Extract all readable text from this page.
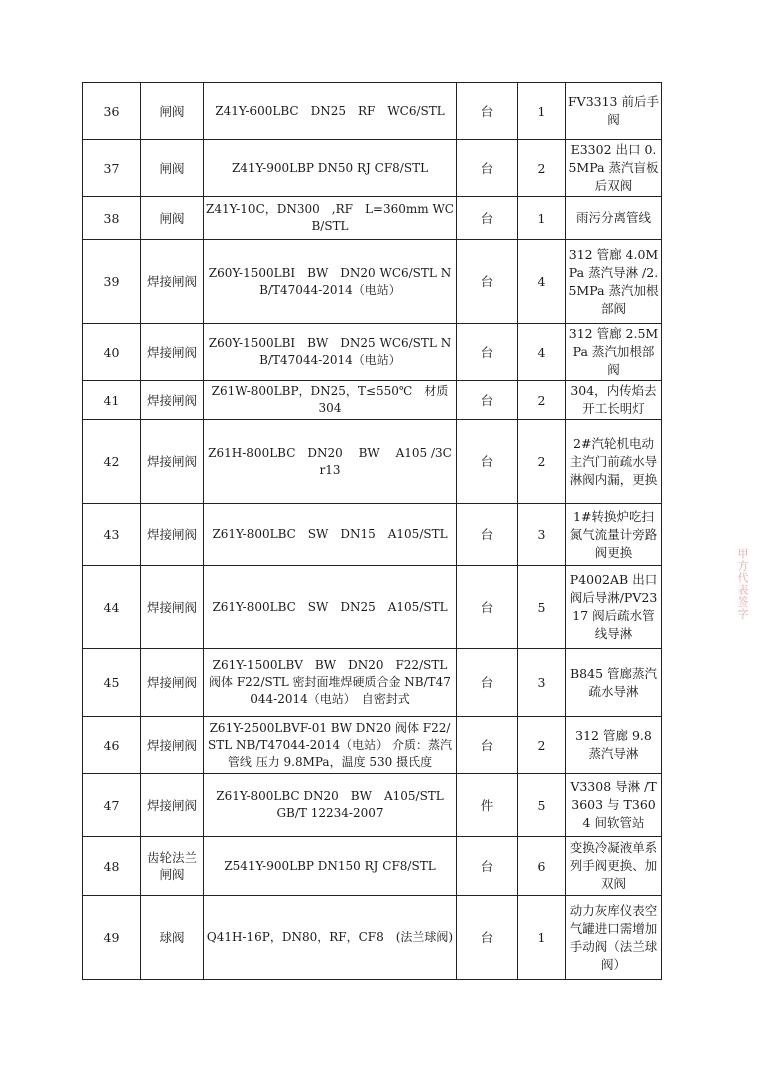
36	闸阀	Z41Y-600LBC　DN25　RF　WC6/STL	台	1	FV3313 前后手阀
37	闸阀	Z41Y-900LBP DN50 RJ CF8/STL	台	2	E3302 出口 0.5MPa 蒸汽盲板后双阀
38	闸阀	Z41Y-10C，DN300　,RF　L=360mm WCB/STL	台	1	雨污分离管线
39	焊接闸阀	Z60Y-1500LBI　BW　DN20 WC6/STL NB/T47044-2014（电站）	台	4	312 管廊 4.0MPa 蒸汽导淋 /2.5MPa 蒸汽加根部阀
40	焊接闸阀	Z60Y-1500LBI　BW　DN25 WC6/STL NB/T47044-2014（电站）	台	4	312 管廊 2.5MPa 蒸汽加根部阀
41	焊接闸阀	Z61W-800LBP，DN25，T≤550℃　材质 304	台	2	304，内传焰去开工长明灯
42	焊接闸阀	Z61H-800LBC　DN20　 BW　 A105 /3Cr13	台	2	2#汽轮机电动主汽门前疏水导淋阀内漏，更换
43	焊接闸阀	Z61Y-800LBC　SW　DN15　A105/STL	台	3	1#转换炉吃扫氮气流量计旁路阀更换
44	焊接闸阀	Z61Y-800LBC　SW　DN25　A105/STL	台	5	P4002AB 出口阀后导淋/PV2317 阀后疏水管线导淋
45	焊接闸阀	Z61Y-1500LBV　BW　DN20　F22/STL 阀体 F22/STL 密封面堆焊硬质合金 NB/T47044-2014（电站）　自密封式	台	3	B845 管廊蒸汽疏水导淋
46	焊接闸阀	Z61Y-2500LBVF-01 BW DN20 阀体 F22/STL NB/T47044-2014（电站） 介质：蒸汽管线 压力 9.8MPa，温度 530 摄氏度	台	2	312 管廊 9.8 蒸汽导淋
47	焊接闸阀	Z61Y-800LBC DN20　BW　A105/STL　GB/T 12234-2007	件	5	V3308 导淋 /T3603 与 T3604 间软管站
48	齿轮法兰闸阀	Z541Y-900LBP DN150 RJ CF8/STL	台	6	变换冷凝液单系列手阀更换、加双阀
49	球阀	Q41H-16P，DN80，RF，CF8　(法兰球阀)	台	1	动力灰库仪表空气罐进口需增加手动阀（法兰球阀）
甲方代表签字
